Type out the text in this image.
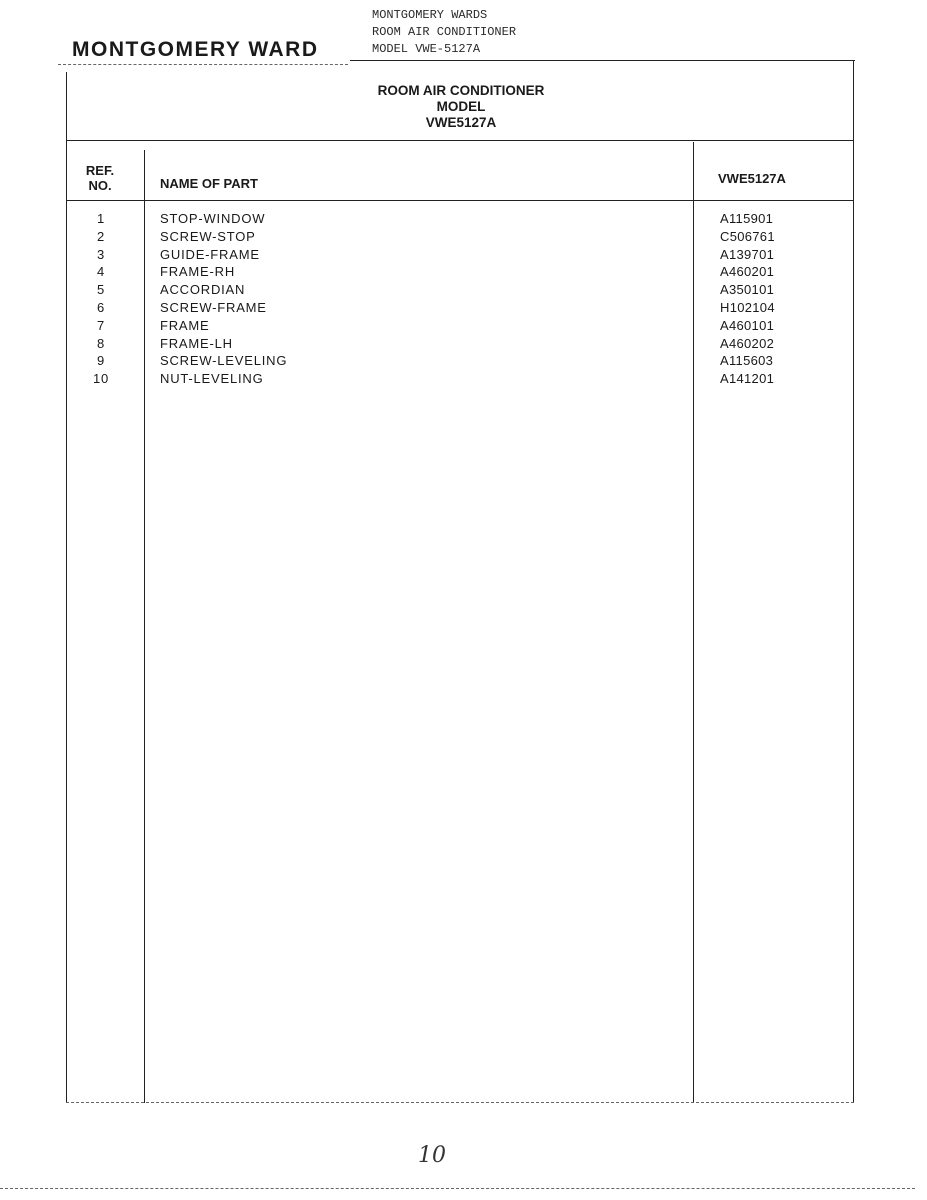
MONTGOMERY WARD
MONTGOMERY WARDS
ROOM AIR CONDITIONER
MODEL VWE-5127A
ROOM AIR CONDITIONER
MODEL
VWE5127A
REF.
NO.	NAME OF PART	VWE5127A
1	STOP-WINDOW	A115901
2	SCREW-STOP	C506761
3	GUIDE-FRAME	A139701
4	FRAME-RH	A460201
5	ACCORDIAN	A350101
6	SCREW-FRAME	H102104
7	FRAME	A460101
8	FRAME-LH	A460202
9	SCREW-LEVELING	A115603
10	NUT-LEVELING	A141201
10
